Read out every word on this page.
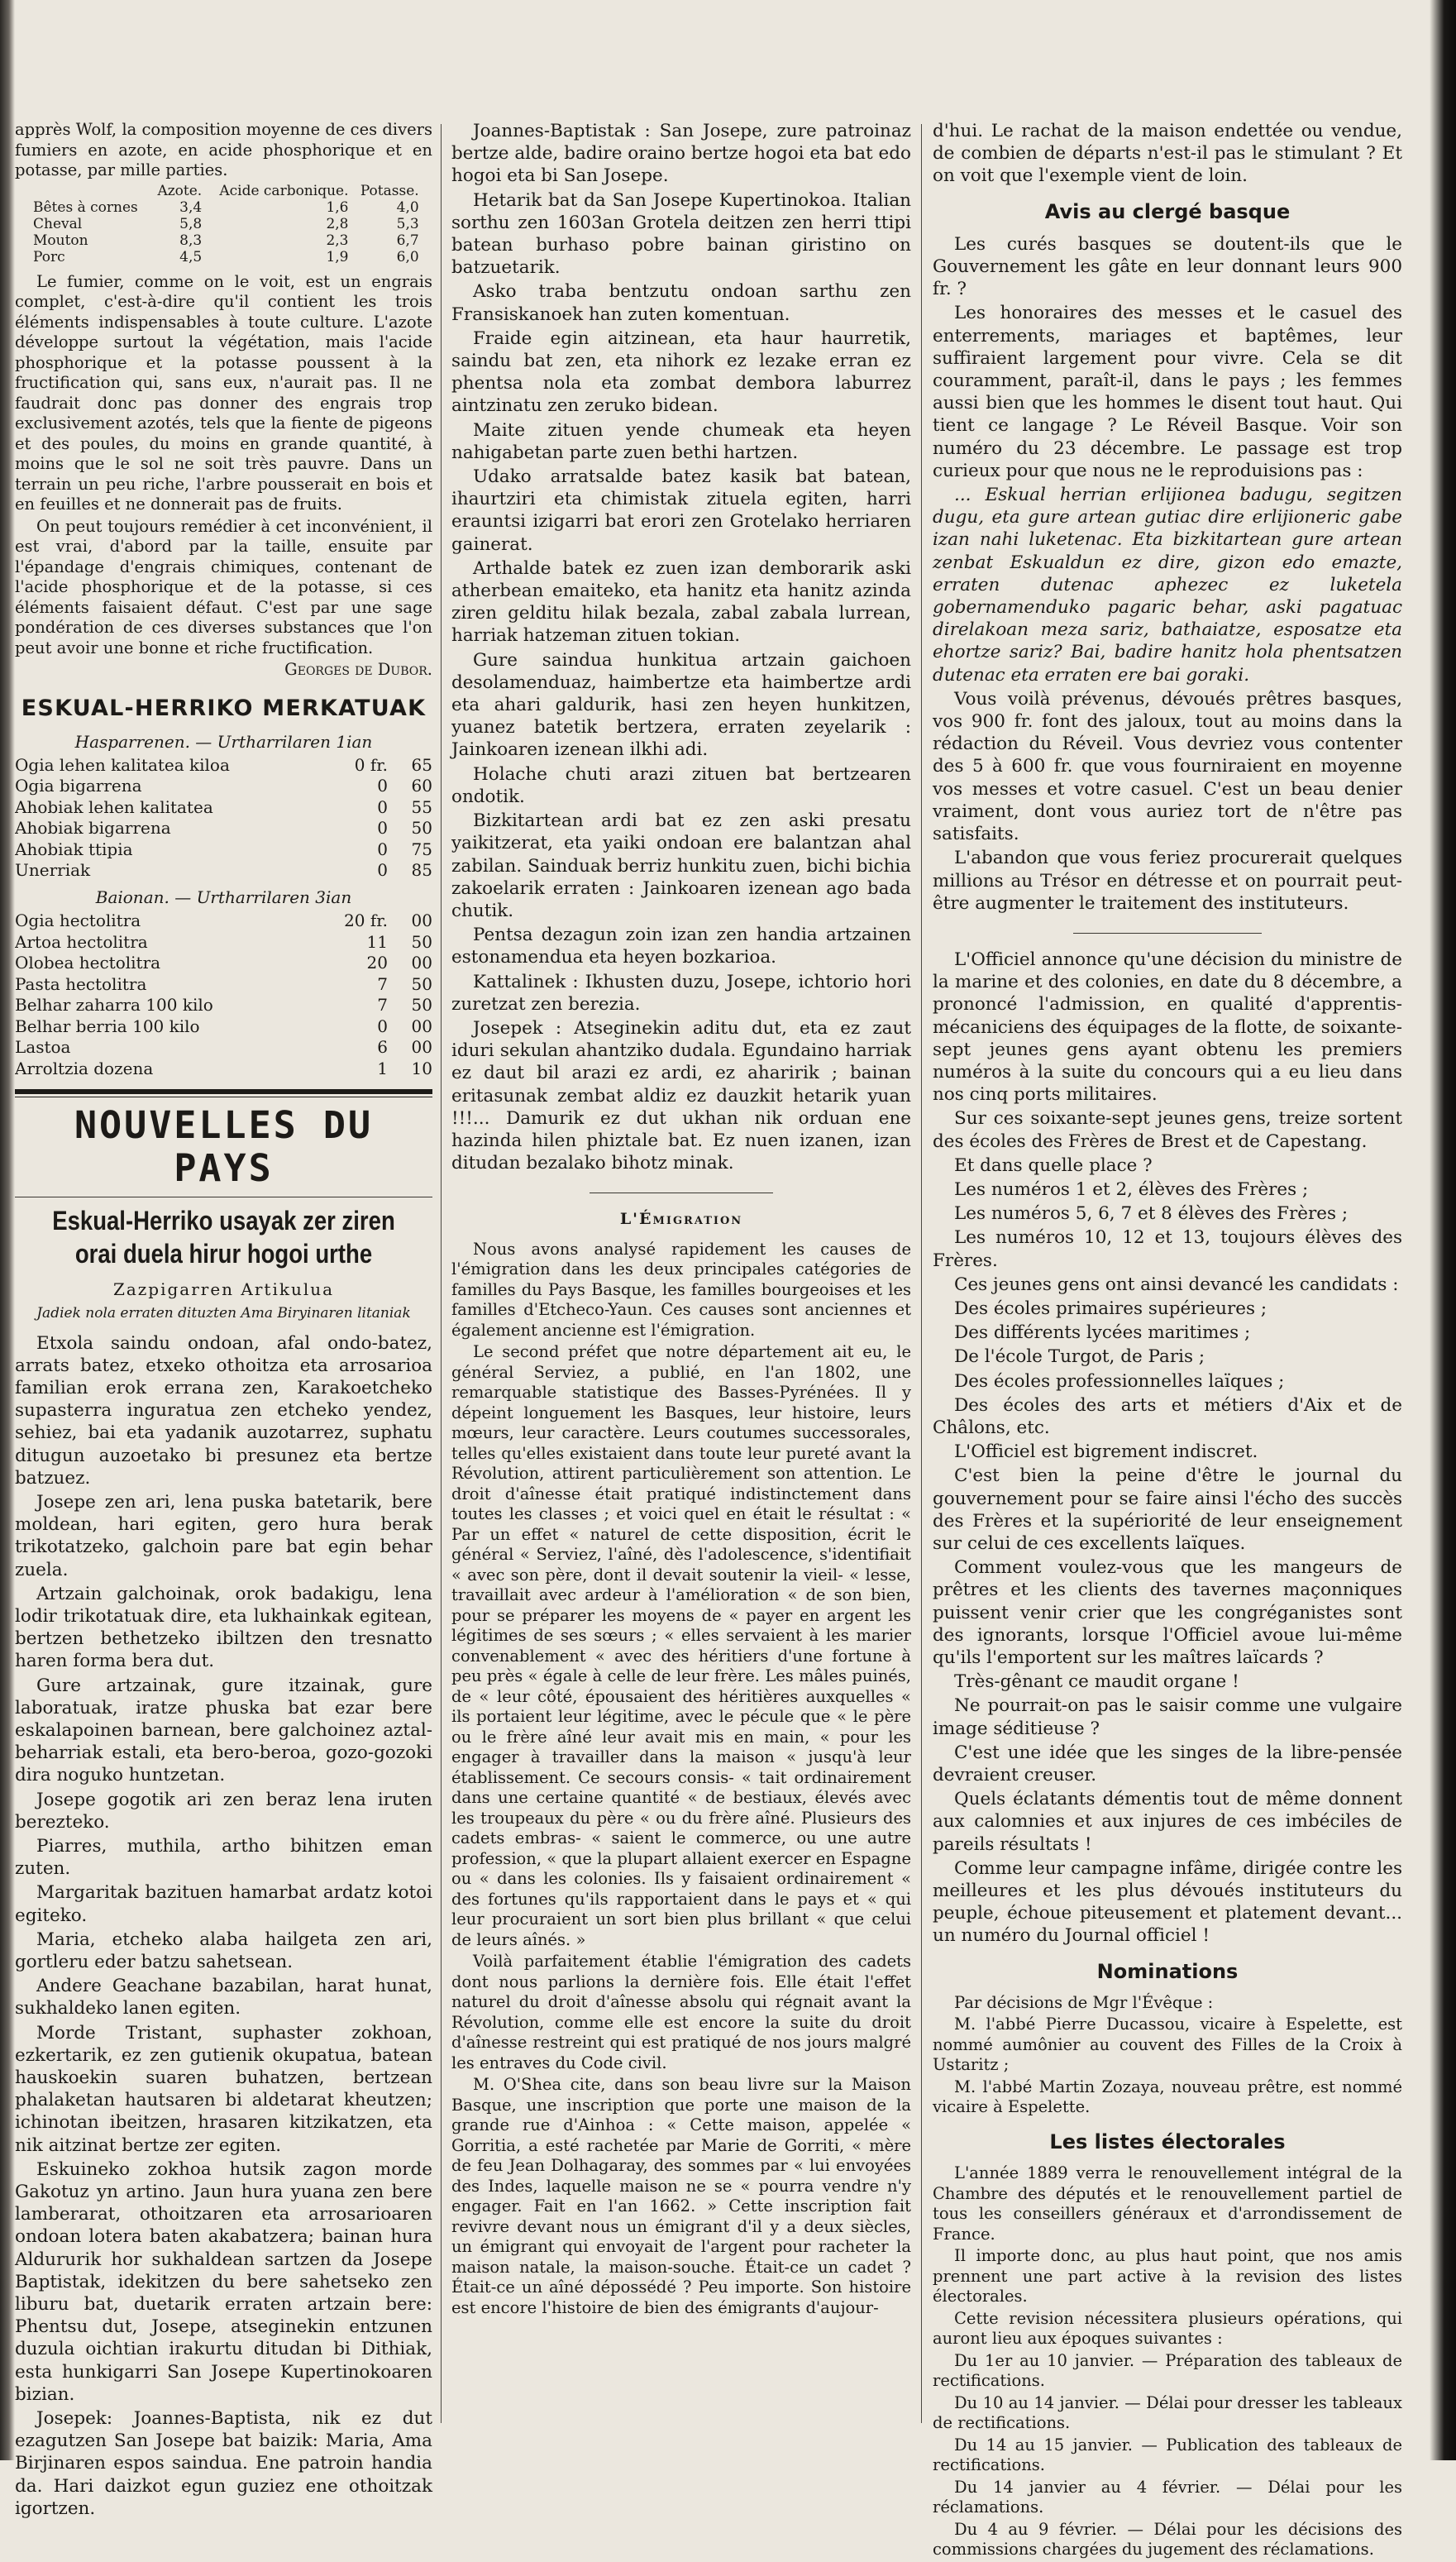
apprès Wolf, la composition moyenne de ces divers fumiers en azote, en acide phosphorique et en potasse, par mille parties.

	Azote.	Acide carbonique.	Potasse.
Bêtes à cornes	3,4	1,6	4,0
Cheval	5,8	2,8	5,3
Mouton	8,3	2,3	6,7
Porc	4,5	1,9	6,0

Le fumier, comme on le voit, est un engrais complet, c'est-à-dire qu'il contient les trois éléments indispensables à toute culture. L'azote développe surtout la végétation, mais l'acide phosphorique et la potasse poussent à la fructification qui, sans eux, n'aurait pas. Il ne faudrait donc pas donner des engrais trop exclusivement azotés, tels que la fiente de pigeons et des poules, du moins en grande quantité, à moins que le sol ne soit très pauvre. Dans un terrain un peu riche, l'arbre pousserait en bois et en feuilles et ne donnerait pas de fruits.

On peut toujours remédier à cet inconvénient, il est vrai, d'abord par la taille, ensuite par l'épandage d'engrais chimiques, contenant de l'acide phosphorique et de la potasse, si ces éléments faisaient défaut. C'est par une sage pondération de ces diverses substances que l'on peut avoir une bonne et riche fructification.

Georges de Dubor.

ESKUAL-HERRIKO MERKATUAK
Hasparrenen. — Urtharrilaren 1ian
Ogia lehen kalitatea kiloa	0 fr.	65
Ogia bigarrena	0	60
Ahobiak lehen kalitatea	0	55
Ahobiak bigarrena	0	50
Ahobiak ttipia	0	75
Unerriak	0	85
Baionan. — Urtharrilaren 3ian
Ogia hectolitra	20 fr.	00
Artoa hectolitra	11	50
Olobea hectolitra	20	00
Pasta hectolitra	7	50
Belhar zaharra 100 kilo	7	50
Belhar berria 100 kilo	0	00
Lastoa	6	00
Arroltzia dozena	1	10
NOUVELLES DU PAYS
Eskual-Herriko usayak zer ziren orai duela hirur hogoi urthe
Zazpigarren Artikulua
Jadiek nola erraten dituzten Ama Biryinaren litaniak

Etxola saindu ondoan, afal ondo-batez, arrats batez, etxeko othoitza eta arrosarioa familian erok errana zen, Karakoetcheko supasterra inguratua zen etcheko yendez, sehiez, bai eta yadanik auzotarrez, suphatu ditugun auzoetako bi presunez eta bertze batzuez.

Josepe zen ari, lena puska batetarik, bere moldean, hari egiten, gero hura berak trikotatzeko, galchoin pare bat egin behar zuela.

Artzain galchoinak, orok badakigu, lena lodir trikotatuak dire, eta lukhainkak egitean, bertzen bethetzeko ibiltzen den tresnatto haren forma bera dut.

Gure artzainak, gure itzainak, gure laboratuak, iratze phuska bat ezar bere eskalapoinen barnean, bere galchoinez aztal-beharriak estali, eta bero-beroa, gozo-gozoki dira noguko huntzetan.

Josepe gogotik ari zen beraz lena iruten berezteko.

Piarres, muthila, artho bihitzen eman zuten.

Margaritak bazituen hamarbat ardatz kotoi egiteko.

Maria, etcheko alaba hailgeta zen ari, gortleru eder batzu sahetsean.

Andere Geachane bazabilan, harat hunat, sukhaldeko lanen egiten.

Morde Tristant, suphaster zokhoan, ezkertarik, ez zen gutienik okupatua, batean hauskoekin suaren buhatzen, bertzean phalaketan hautsaren bi aldetarat kheutzen; ichinotan ibeitzen, hrasaren kitzikatzen, eta nik aitzinat bertze zer egiten.

Eskuineko zokhoa hutsik zagon morde Gakotuz yn artino. Jaun hura yuana zen bere lamberarat, othoitzaren eta arrosarioaren ondoan lotera baten akabatzera; bainan hura Aldururik hor sukhaldean sartzen da Josepe Baptistak, idekitzen du bere sahetseko zen liburu bat, duetarik erraten artzain bere: Phentsu dut, Josepe, atseginekin entzunen duzula oichtian irakurtu ditudan bi Dithiak, esta hunkigarri San Josepe Kupertinokoaren bizian.

Josepek: Joannes-Baptista, nik ez dut ezagutzen San Josepe bat baizik: Maria, Ama Birjinaren espos saindua. Ene patroin handia da. Hari daizkot egun guziez ene othoitzak igortzen.

Joannes-Baptistak : San Josepe, zure patroinaz bertze alde, badire oraino bertze hogoi eta bat edo hogoi eta bi San Josepe.

Hetarik bat da San Josepe Kupertinokoa. Italian sorthu zen 1603an Grotela deitzen zen herri ttipi batean burhaso pobre bainan giristino on batzuetarik.

Asko traba bentzutu ondoan sarthu zen Fransiskanoek han zuten komentuan.

Fraide egin aitzinean, eta haur haurretik, saindu bat zen, eta nihork ez lezake erran ez phentsa nola eta zombat dembora laburrez aintzinatu zen zeruko bidean.

Maite zituen yende chumeak eta heyen nahigabetan parte zuen bethi hartzen.

Udako arratsalde batez kasik bat batean, ihaurtziri eta chimistak zituela egiten, harri erauntsi izigarri bat erori zen Grotelako herriaren gainerat.

Arthalde batek ez zuen izan demborarik aski atherbean emaiteko, eta hanitz eta hanitz azinda ziren gelditu hilak bezala, zabal zabala lurrean, harriak hatzeman zituen tokian.

Gure saindua hunkitua artzain gaichoen desolamenduaz, haimbertze eta haimbertze ardi eta ahari galdurik, hasi zen heyen hunkitzen, yuanez batetik bertzera, erraten zeyelarik : Jainkoaren izenean ilkhi adi.

Holache chuti arazi zituen bat bertzearen ondotik.

Bizkitartean ardi bat ez zen aski presatu yaikitzerat, eta yaiki ondoan ere balantzan ahal zabilan. Sainduak berriz hunkitu zuen, bichi bichia zakoelarik erraten : Jainkoaren izenean ago bada chutik.

Pentsa dezagun zoin izan zen handia artzainen estonamendua eta heyen bozkarioa.

Kattalinek : Ikhusten duzu, Josepe, ichtorio hori zuretzat zen berezia.

Josepek : Atseginekin aditu dut, eta ez zaut iduri sekulan ahantziko dudala. Egundaino harriak ez daut bil arazi ez ardi, ez aharirik ; bainan eritasunak zembat aldiz ez dauzkit hetarik yuan !!!... Damurik ez dut ukhan nik orduan ene hazinda hilen phiztale bat. Ez nuen izanen, izan ditudan bezalako bihotz minak.

L'Émigration

Nous avons analysé rapidement les causes de l'émigration dans les deux principales catégories de familles du Pays Basque, les familles bourgeoises et les familles d'Etcheco-Yaun. Ces causes sont anciennes et également ancienne est l'émigration.

Le second préfet que notre département ait eu, le général Serviez, a publié, en l'an 1802, une remarquable statistique des Basses-Pyrénées. Il y dépeint longuement les Basques, leur histoire, leurs mœurs, leur caractère. Leurs coutumes successorales, telles qu'elles existaient dans toute leur pureté avant la Révolution, attirent particulièrement son attention. Le droit d'aînesse était pratiqué indistinctement dans toutes les classes ; et voici quel en était le résultat : « Par un effet « naturel de cette disposition, écrit le général « Serviez, l'aîné, dès l'adolescence, s'identifiait « avec son père, dont il devait soutenir la vieil- « lesse, travaillait avec ardeur à l'amélioration « de son bien, pour se préparer les moyens de « payer en argent les légitimes de ses sœurs ; « elles servaient à les marier convenablement « avec des héritiers d'une fortune à peu près « égale à celle de leur frère. Les mâles puinés, de « leur côté, épousaient des héritières auxquelles « ils portaient leur légitime, avec le pécule que « le père ou le frère aîné leur avait mis en main, « pour les engager à travailler dans la maison « jusqu'à leur établissement. Ce secours consis- « tait ordinairement dans une certaine quantité « de bestiaux, élevés avec les troupeaux du père « ou du frère aîné. Plusieurs des cadets embras- « saient le commerce, ou une autre profession, « que la plupart allaient exercer en Espagne ou « dans les colonies. Ils y faisaient ordinairement « des fortunes qu'ils rapportaient dans le pays et « qui leur procuraient un sort bien plus brillant « que celui de leurs aînés. »

Voilà parfaitement établie l'émigration des cadets dont nous parlions la dernière fois. Elle était l'effet naturel du droit d'aînesse absolu qui régnait avant la Révolution, comme elle est encore la suite du droit d'aînesse restreint qui est pratiqué de nos jours malgré les entraves du Code civil.

M. O'Shea cite, dans son beau livre sur la Maison Basque, une inscription que porte une maison de la grande rue d'Ainhoa : « Cette maison, appelée « Gorritia, a esté rachetée par Marie de Gorriti, « mère de feu Jean Dolhagaray, des sommes par « lui envoyées des Indes, laquelle maison ne se « pourra vendre n'y engager. Fait en l'an 1662. » Cette inscription fait revivre devant nous un émigrant d'il y a deux siècles, un émigrant qui envoyait de l'argent pour racheter la maison natale, la maison-souche. Était-ce un cadet ? Était-ce un aîné dépossédé ? Peu importe. Son histoire est encore l'histoire de bien des émigrants d'aujour-

d'hui. Le rachat de la maison endettée ou vendue, de combien de départs n'est-il pas le stimulant ? Et on voit que l'exemple vient de loin.

Avis au clergé basque

Les curés basques se doutent-ils que le Gouvernement les gâte en leur donnant leurs 900 fr. ?

Les honoraires des messes et le casuel des enterrements, mariages et baptêmes, leur suffiraient largement pour vivre. Cela se dit couramment, paraît-il, dans le pays ; les femmes aussi bien que les hommes le disent tout haut. Qui tient ce langage ? Le Réveil Basque. Voir son numéro du 23 décembre. Le passage est trop curieux pour que nous ne le reproduisions pas :

... Eskual herrian erlijionea badugu, segitzen dugu, eta gure artean gutiac dire erlijioneric gabe izan nahi luketenac. Eta bizkitartean gure artean zenbat Eskualdun ez dire, gizon edo emazte, erraten dutenac aphezec ez luketela gobernamenduko pagaric behar, aski pagatuac direlakoan meza sariz, bathaiatze, esposatze eta ehortze sariz? Bai, badire hanitz hola phentsatzen dutenac eta erraten ere bai goraki.

Vous voilà prévenus, dévoués prêtres basques, vos 900 fr. font des jaloux, tout au moins dans la rédaction du Réveil. Vous devriez vous contenter des 5 à 600 fr. que vous fourniraient en moyenne vos messes et votre casuel. C'est un beau denier vraiment, dont vous auriez tort de n'être pas satisfaits.

L'abandon que vous feriez procurerait quelques millions au Trésor en détresse et on pourrait peut-être augmenter le traitement des instituteurs.

L'Officiel annonce qu'une décision du ministre de la marine et des colonies, en date du 8 décembre, a prononcé l'admission, en qualité d'apprentis-mécaniciens des équipages de la flotte, de soixante-sept jeunes gens ayant obtenu les premiers numéros à la suite du concours qui a eu lieu dans nos cinq ports militaires.

Sur ces soixante-sept jeunes gens, treize sortent des écoles des Frères de Brest et de Capestang.

Et dans quelle place ?

Les numéros 1 et 2, élèves des Frères ;

Les numéros 5, 6, 7 et 8 élèves des Frères ;

Les numéros 10, 12 et 13, toujours élèves des Frères.

Ces jeunes gens ont ainsi devancé les candidats :

Des écoles primaires supérieures ;

Des différents lycées maritimes ;

De l'école Turgot, de Paris ;

Des écoles professionnelles laïques ;

Des écoles des arts et métiers d'Aix et de Châlons, etc.

L'Officiel est bigrement indiscret.

C'est bien la peine d'être le journal du gouvernement pour se faire ainsi l'écho des succès des Frères et la supériorité de leur enseignement sur celui de ces excellents laïques.

Comment voulez-vous que les mangeurs de prêtres et les clients des tavernes maçonniques puissent venir crier que les congréganistes sont des ignorants, lorsque l'Officiel avoue lui-même qu'ils l'emportent sur les maîtres laïcards ?

Très-gênant ce maudit organe !

Ne pourrait-on pas le saisir comme une vulgaire image séditieuse ?

C'est une idée que les singes de la libre-pensée devraient creuser.

Quels éclatants démentis tout de même donnent aux calomnies et aux injures de ces imbéciles de pareils résultats !

Comme leur campagne infâme, dirigée contre les meilleures et les plus dévoués instituteurs du peuple, échoue piteusement et platement devant... un numéro du Journal officiel !

Nominations

Par décisions de Mgr l'Évêque :

M. l'abbé Pierre Ducassou, vicaire à Espelette, est nommé aumônier au couvent des Filles de la Croix à Ustaritz ;

M. l'abbé Martin Zozaya, nouveau prêtre, est nommé vicaire à Espelette.

Les listes électorales

L'année 1889 verra le renouvellement intégral de la Chambre des députés et le renouvellement partiel de tous les conseillers généraux et d'arrondissement de France.

Il importe donc, au plus haut point, que nos amis prennent une part active à la revision des listes électorales.

Cette revision nécessitera plusieurs opérations, qui auront lieu aux époques suivantes :

Du 1er au 10 janvier. — Préparation des tableaux de rectifications.

Du 10 au 14 janvier. — Délai pour dresser les tableaux de rectifications.

Du 14 au 15 janvier. — Publication des tableaux de rectifications.

Du 14 janvier au 4 février. — Délai pour les réclamations.

Du 4 au 9 février. — Délai pour les décisions des commissions chargées du jugement des réclamations.
